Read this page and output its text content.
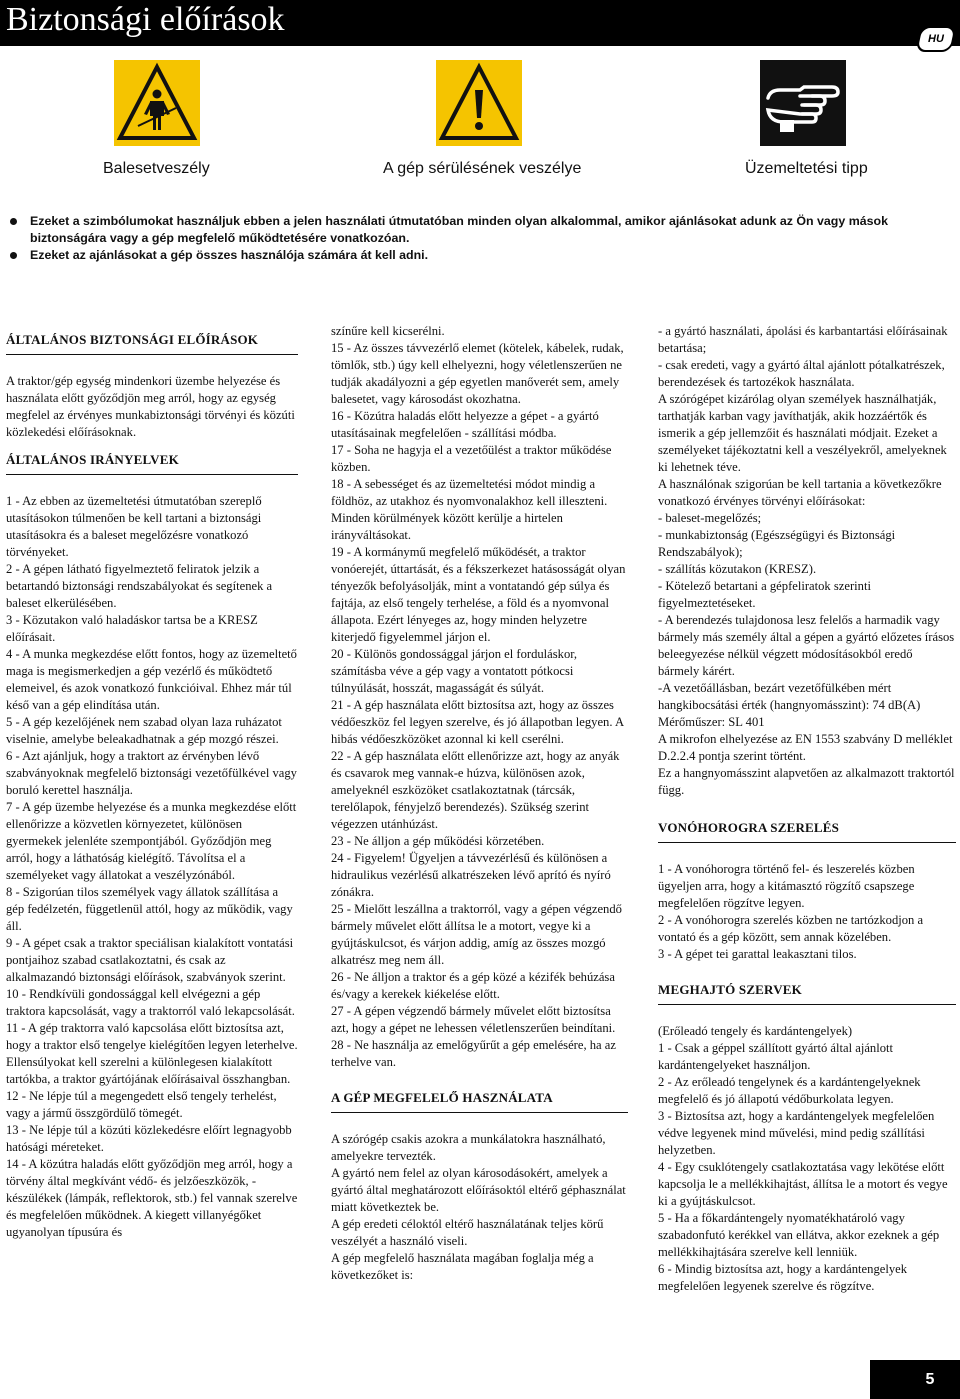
Biztonsági előírások
HU
Balesetveszély	A gép sérülésének veszélye	Üzemeltetési tipp
Ezeket a szimbólumokat használjuk ebben a jelen használati útmutatóban minden olyan alkalommal, amikor ajánlásokat adunk az Ön vagy mások biztonságára vagy a gép megfelelő működtetésére vonatkozóan.
Ezeket az ajánlásokat a gép összes használója számára át kell adni.
ÁLTALÁNOS BIZTONSÁGI ELŐÍRÁSOK

A traktor/gép egység mindenkori üzembe helyezése és használata előtt győződjön meg arról, hogy az egység megfelel az érvényes munkabiztonsági törvényi és közúti közlekedési előírásoknak.

ÁLTALÁNOS IRÁNYELVEK

1 - Az ebben az üzemeltetési útmutatóban szereplő utasításokon túlmenően be kell tartani a biztonsági utasításokra és a baleset megelőzésre vonatkozó törvényeket.

2 - A gépen látható figyelmeztető feliratok jelzik a betartandó biztonsági rendszabályokat és segítenek a baleset elkerülésében.

3 - Közutakon való haladáskor tartsa be a KRESZ előírásait.

4 - A munka megkezdése előtt fontos, hogy az üzemeltető maga is megismerkedjen a gép vezérlő és működtető elemeivel, és azok vonatkozó funkcióival. Ehhez már túl késő van a gép elindítása után.

5 - A gép kezelőjének nem szabad olyan laza ruházatot viselnie, amelybe beleakadhatnak a gép mozgó részei.

6 - Azt ajánljuk, hogy a traktort az érvényben lévő szabványoknak megfelelő biztonsági vezetőfülkével vagy boruló kerettel használja.

7 - A gép üzembe helyezése és a munka megkezdése előtt ellenőrizze a közvetlen környezetet, különösen gyermekek jelenléte szempontjából. Győződjön meg arról, hogy a láthatóság kielégítő. Távolítsa el a személyeket vagy állatokat a veszélyzónából.

8 - Szigorúan tilos személyek vagy állatok szállítása a gép fedélzetén, függetlenül attól, hogy az működik, vagy áll.

9 - A gépet csak a traktor speciálisan kialakított vontatási pontjaihoz szabad csatlakoztatni, és csak az alkalmazandó biztonsági előírások, szabványok szerint.

10 - Rendkívüli gondossággal kell elvégezni a gép traktora kapcsolását, vagy a traktorról való lekapcsolását.

11 - A gép traktorra való kapcsolása előtt biztosítsa azt, hogy a traktor első tengelye kielégítően legyen leterhelve. Ellensúlyokat kell szerelni a különlegesen kialakított tartókba, a traktor gyártójának előírásaival összhangban.

12 - Ne lépje túl a megengedett első tengely terhelést, vagy a jármű összgördülő tömegét.

13 - Ne lépje túl a közúti közlekedésre előírt legnagyobb hatósági méreteket.

14 - A közútra haladás előtt győződjön meg arról, hogy a törvény által megkívánt védő- és jelzőeszközök, -készülékek (lámpák, reflektorok, stb.) fel vannak szerelve és megfelelően működnek. A kiegett villanyégőket ugyanolyan típusúra és

színűre kell kicserélni.

15 - Az összes távvezérlő elemet (kötelek, kábelek, rudak, tömlők, stb.) úgy kell elhelyezni, hogy véletlenszerűen ne tudják akadályozni a gép egyetlen manőverét sem, amely balesetet, vagy károsodást okozhatna.

16 - Közútra haladás előtt helyezze a gépet - a gyártó utasításainak megfelelően - szállítási módba.

17 - Soha ne hagyja el a vezetőülést a traktor működése közben.

18 - A sebességet és az üzemeltetési módot mindig a földhöz, az utakhoz és nyomvonalakhoz kell illeszteni. Minden körülmények között kerülje a hirtelen irányváltásokat.

19 - A kormánymű megfelelő működését, a traktor vonóerejét, úttartását, és a fékszerkezet hatásosságát olyan tényezők befolyásolják, mint a vontatandó gép súlya és fajtája, az első tengely terhelése, a föld és a nyomvonal állapota. Ezért lényeges az, hogy minden helyzetre kiterjedő figyelemmel járjon el.

20 - Különös gondossággal járjon el forduláskor, számításba véve a gép vagy a vontatott pótkocsi túlnyúlását, hosszát, magasságát és súlyát.

21 - A gép használata előtt biztosítsa azt, hogy az összes védőeszköz fel legyen szerelve, és jó állapotban legyen. A hibás védőeszközöket azonnal ki kell cserélni.

22 - A gép használata előtt ellenőrizze azt, hogy az anyák és csavarok meg vannak-e húzva, különösen azok, amelyeknél eszközöket csatlakoztatnak (tárcsák, terelőlapok, fényjelző berendezés). Szükség szerint végezzen utánhúzást.

23 - Ne álljon a gép működési körzetében.

24 - Figyelem! Ügyeljen a távvezérlésű és különösen a hidraulikus vezérlésű alkatrészeken lévő aprító és nyíró zónákra.

25 - Mielőtt leszállna a traktorról, vagy a gépen végzendő bármely művelet előtt állítsa le a motort, vegye ki a gyújtáskulcsot, és várjon addig, amíg az összes mozgó alkatrész meg nem áll.

26 - Ne álljon a traktor és a gép közé a kézifék behúzása és/vagy a kerekek kiékelése előtt.

27 - A gépen végzendő bármely művelet előtt biztosítsa azt, hogy a gépet ne lehessen véletlenszerűen beindítani.

28 - Ne használja az emelőgyűrűt a gép emelésére, ha az terhelve van.

A GÉP MEGFELELŐ HASZNÁLATA

A szórógép csakis azokra a munkálatokra használható, amelyekre tervezték.

A gyártó nem felel az olyan károsodásokért, amelyek a gyártó által meghatározott előírásoktól eltérő géphasználat miatt következtek be.

A gép eredeti céloktól eltérő használatának teljes körű veszélyét a használó viseli.

A gép megfelelő használata magában foglalja még a következőket is:

- a gyártó használati, ápolási és karbantartási előírásainak betartása;

- csak eredeti, vagy a gyártó által ajánlott pótalkatrészek, berendezések és tartozékok használata.

A szórógépet kizárólag olyan személyek használhatják, tarthatják karban vagy javíthatják, akik hozzáértők és ismerik a gép jellemzőit és használati módjait. Ezeket a személyeket tájékoztatni kell a veszélyekről, amelyeknek ki lehetnek téve.

A használónak szigorúan be kell tartania a következőkre vonatkozó érvényes törvényi előírásokat:

- baleset-megelőzés;

- munkabiztonság (Egészségügyi és Biztonsági Rendszabályok);

- szállítás közutakon (KRESZ).

- Kötelező betartani a gépfeliratok szerinti figyelmeztetéseket.

- A berendezés tulajdonosa lesz felelős a harmadik vagy bármely más személy által a gépen a gyártó előzetes írásos beleegyezése nélkül végzett módosításokból eredő bármely kárért.

-A vezetőállásban, bezárt vezetőfülkében mért hangkibocsátási érték (hangnyomásszint): 74 dB(A)

Mérőműszer: SL 401

A mikrofon elhelyezése az EN 1553 szabvány D melléklet D.2.2.4 pontja szerint történt.

Ez a hangnyomásszint alapvetően az alkalmazott traktortól függ.

VONÓHOROGRA SZERELÉS

1 - A vonóhorogra történő fel- és leszerelés közben ügyeljen arra, hogy a kitámasztó rögzítő csapszege megfelelően rögzítve legyen.

2 - A vonóhorogra szerelés közben ne tartózkodjon a vontató és a gép között, sem annak közelében.

3 - A gépet tei garattal leakasztani tilos.

MEGHAJTÓ SZERVEK

(Erőleadó tengely és kardántengelyek)

1 - Csak a géppel szállított gyártó által ajánlott kardántengelyeket használjon.

2 - Az erőleadó tengelynek és a kardántengelyeknek megfelelő és jó állapotú védőburkolata legyen.

3 - Biztosítsa azt, hogy a kardántengelyek megfelelően védve legyenek mind művelési, mind pedig szállítási helyzetben.

4 - Egy csuklótengely csatlakoztatása vagy lekötése előtt kapcsolja le a mellékkihajtást, állítsa le a motort és vegye ki a gyújtáskulcsot.

5 - Ha a főkardántengely nyomatékhatároló vagy szabadonfutó kerékkel van ellátva, akkor ezeknek a gép mellékkihajtására szerelve kell lenniük.

6 - Mindig biztosítsa azt, hogy a kardántengelyek megfelelően legyenek szerelve és rögzítve.

5
